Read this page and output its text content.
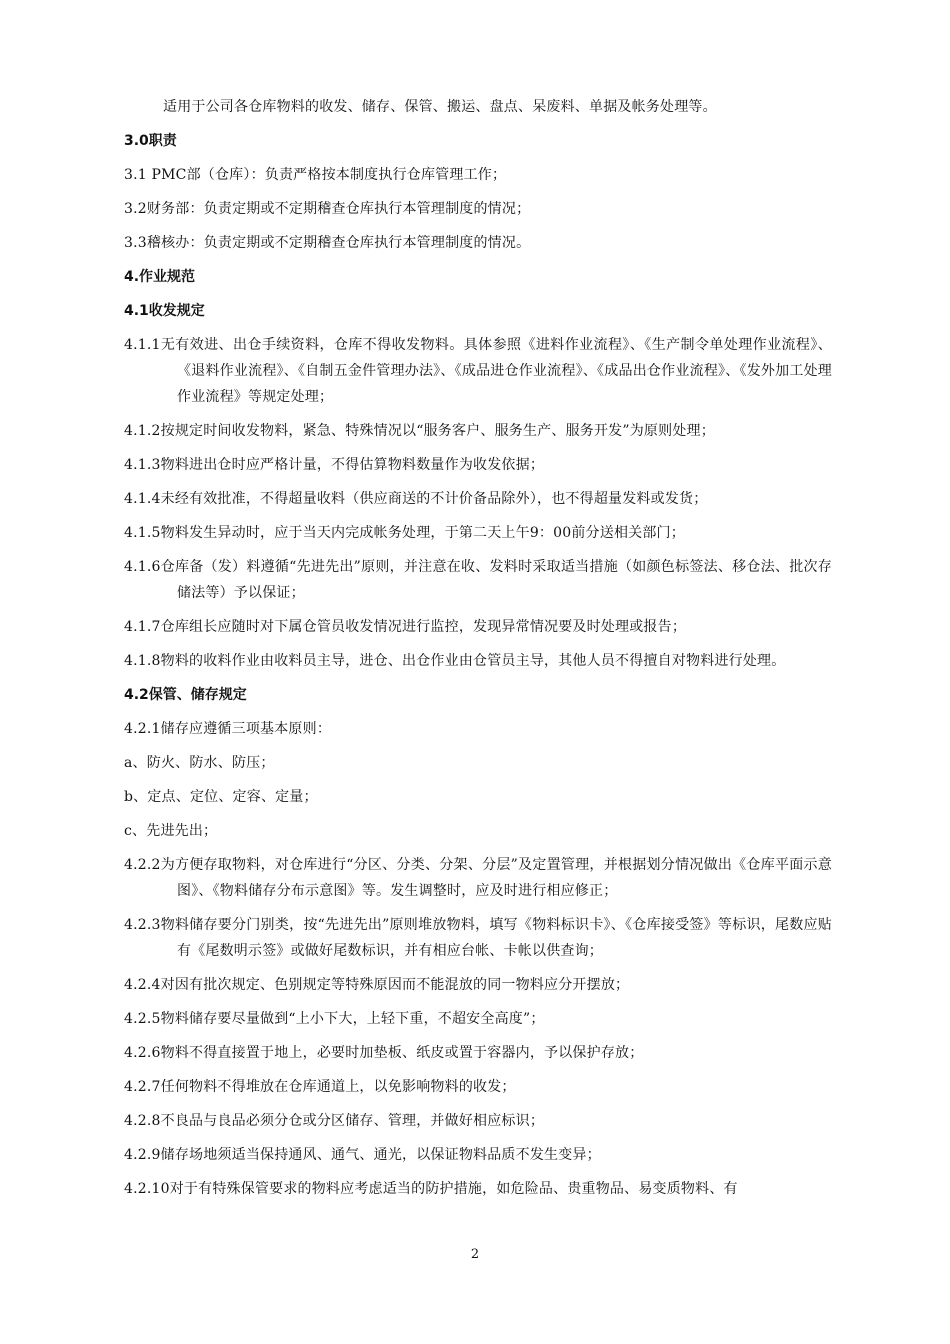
适用于公司各仓库物料的收发、储存、保管、搬运、盘点、呆废料、单据及帐务处理等。

3.0职责

3.1 PMC部（仓库）：负责严格按本制度执行仓库管理工作；

3.2财务部：负责定期或不定期稽查仓库执行本管理制度的情况；

3.3稽核办：负责定期或不定期稽查仓库执行本管理制度的情况。

4.作业规范

4.1收发规定

4.1.1无有效进、出仓手续资料，仓库不得收发物料。具体参照《进料作业流程》、《生产制令单处理作业流程》、《退料作业流程》、《自制五金件管理办法》、《成品进仓作业流程》、《成品出仓作业流程》、《发外加工处理作业流程》等规定处理；

4.1.2按规定时间收发物料，紧急、特殊情况以“服务客户、服务生产、服务开发”为原则处理；

4.1.3物料进出仓时应严格计量，不得估算物料数量作为收发依据；

4.1.4未经有效批准，不得超量收料（供应商送的不计价备品除外），也不得超量发料或发货；

4.1.5物料发生异动时，应于当天内完成帐务处理，于第二天上午9：00前分送相关部门；

4.1.6仓库备（发）料遵循“先进先出”原则，并注意在收、发料时采取适当措施（如颜色标签法、移仓法、批次存储法等）予以保证；

4.1.7仓库组长应随时对下属仓管员收发情况进行监控，发现异常情况要及时处理或报告；

4.1.8物料的收料作业由收料员主导，进仓、出仓作业由仓管员主导，其他人员不得擅自对物料进行处理。

4.2保管、储存规定

4.2.1储存应遵循三项基本原则：

a、防火、防水、防压；

b、定点、定位、定容、定量；

c、先进先出；

4.2.2为方便存取物料，对仓库进行“分区、分类、分架、分层”及定置管理，并根据划分情况做出《仓库平面示意图》、《物料储存分布示意图》等。发生调整时，应及时进行相应修正；

4.2.3物料储存要分门别类，按“先进先出”原则堆放物料，填写《物料标识卡》、《仓库接受签》等标识，尾数应贴有《尾数明示签》或做好尾数标识，并有相应台帐、卡帐以供查询；

4.2.4对因有批次规定、色别规定等特殊原因而不能混放的同一物料应分开摆放；

4.2.5物料储存要尽量做到“上小下大，上轻下重，不超安全高度”；

4.2.6物料不得直接置于地上，必要时加垫板、纸皮或置于容器内，予以保护存放；

4.2.7任何物料不得堆放在仓库通道上，以免影响物料的收发；

4.2.8不良品与良品必须分仓或分区储存、管理，并做好相应标识；

4.2.9储存场地须适当保持通风、通气、通光，以保证物料品质不发生变异；

4.2.10对于有特殊保管要求的物料应考虑适当的防护措施，如危险品、贵重物品、易变质物料、有

2
